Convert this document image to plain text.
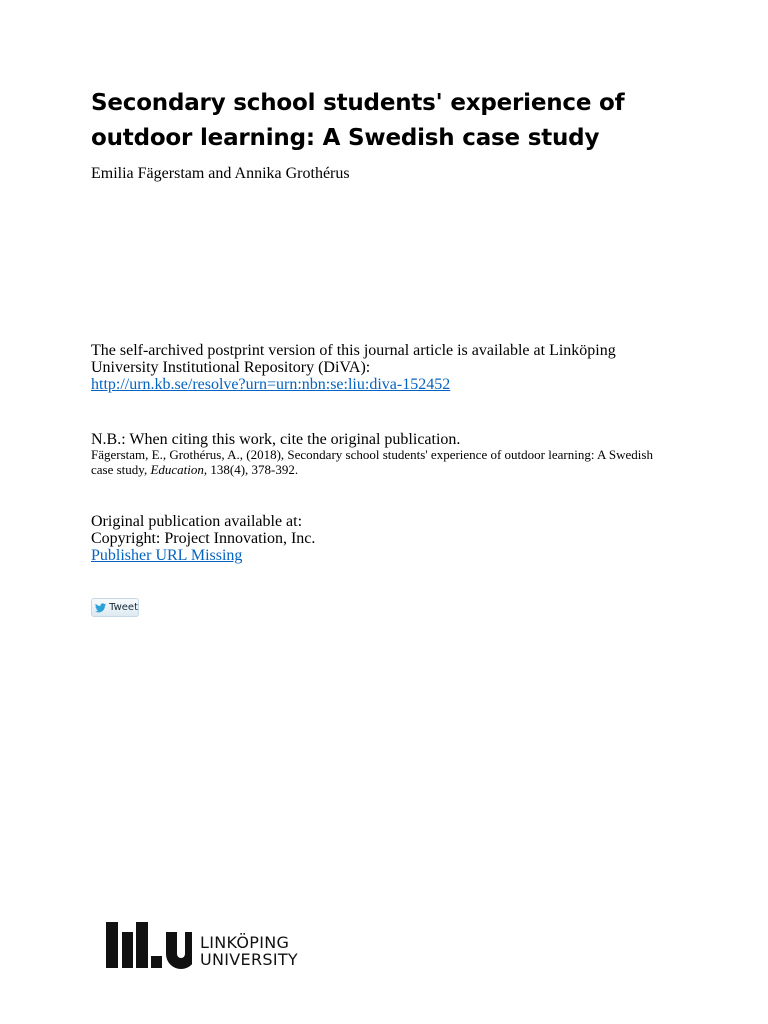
Secondary school students' experience of
outdoor learning: A Swedish case study
Emilia Fägerstam and Annika Grothérus

The self-archived postprint version of this journal article is available at Linköping

University Institutional Repository (DiVA):

http://urn.kb.se/resolve?urn=urn:nbn:se:liu:diva-152452

N.B.: When citing this work, cite the original publication.

Fägerstam, E., Grothérus, A., (2018), Secondary school students' experience of outdoor learning: A Swedish case study, Education, 138(4), 378-392.

Original publication available at:

Copyright: Project Innovation, Inc.

Publisher URL Missing

Tweet
LINKÖPING
UNIVERSITY
